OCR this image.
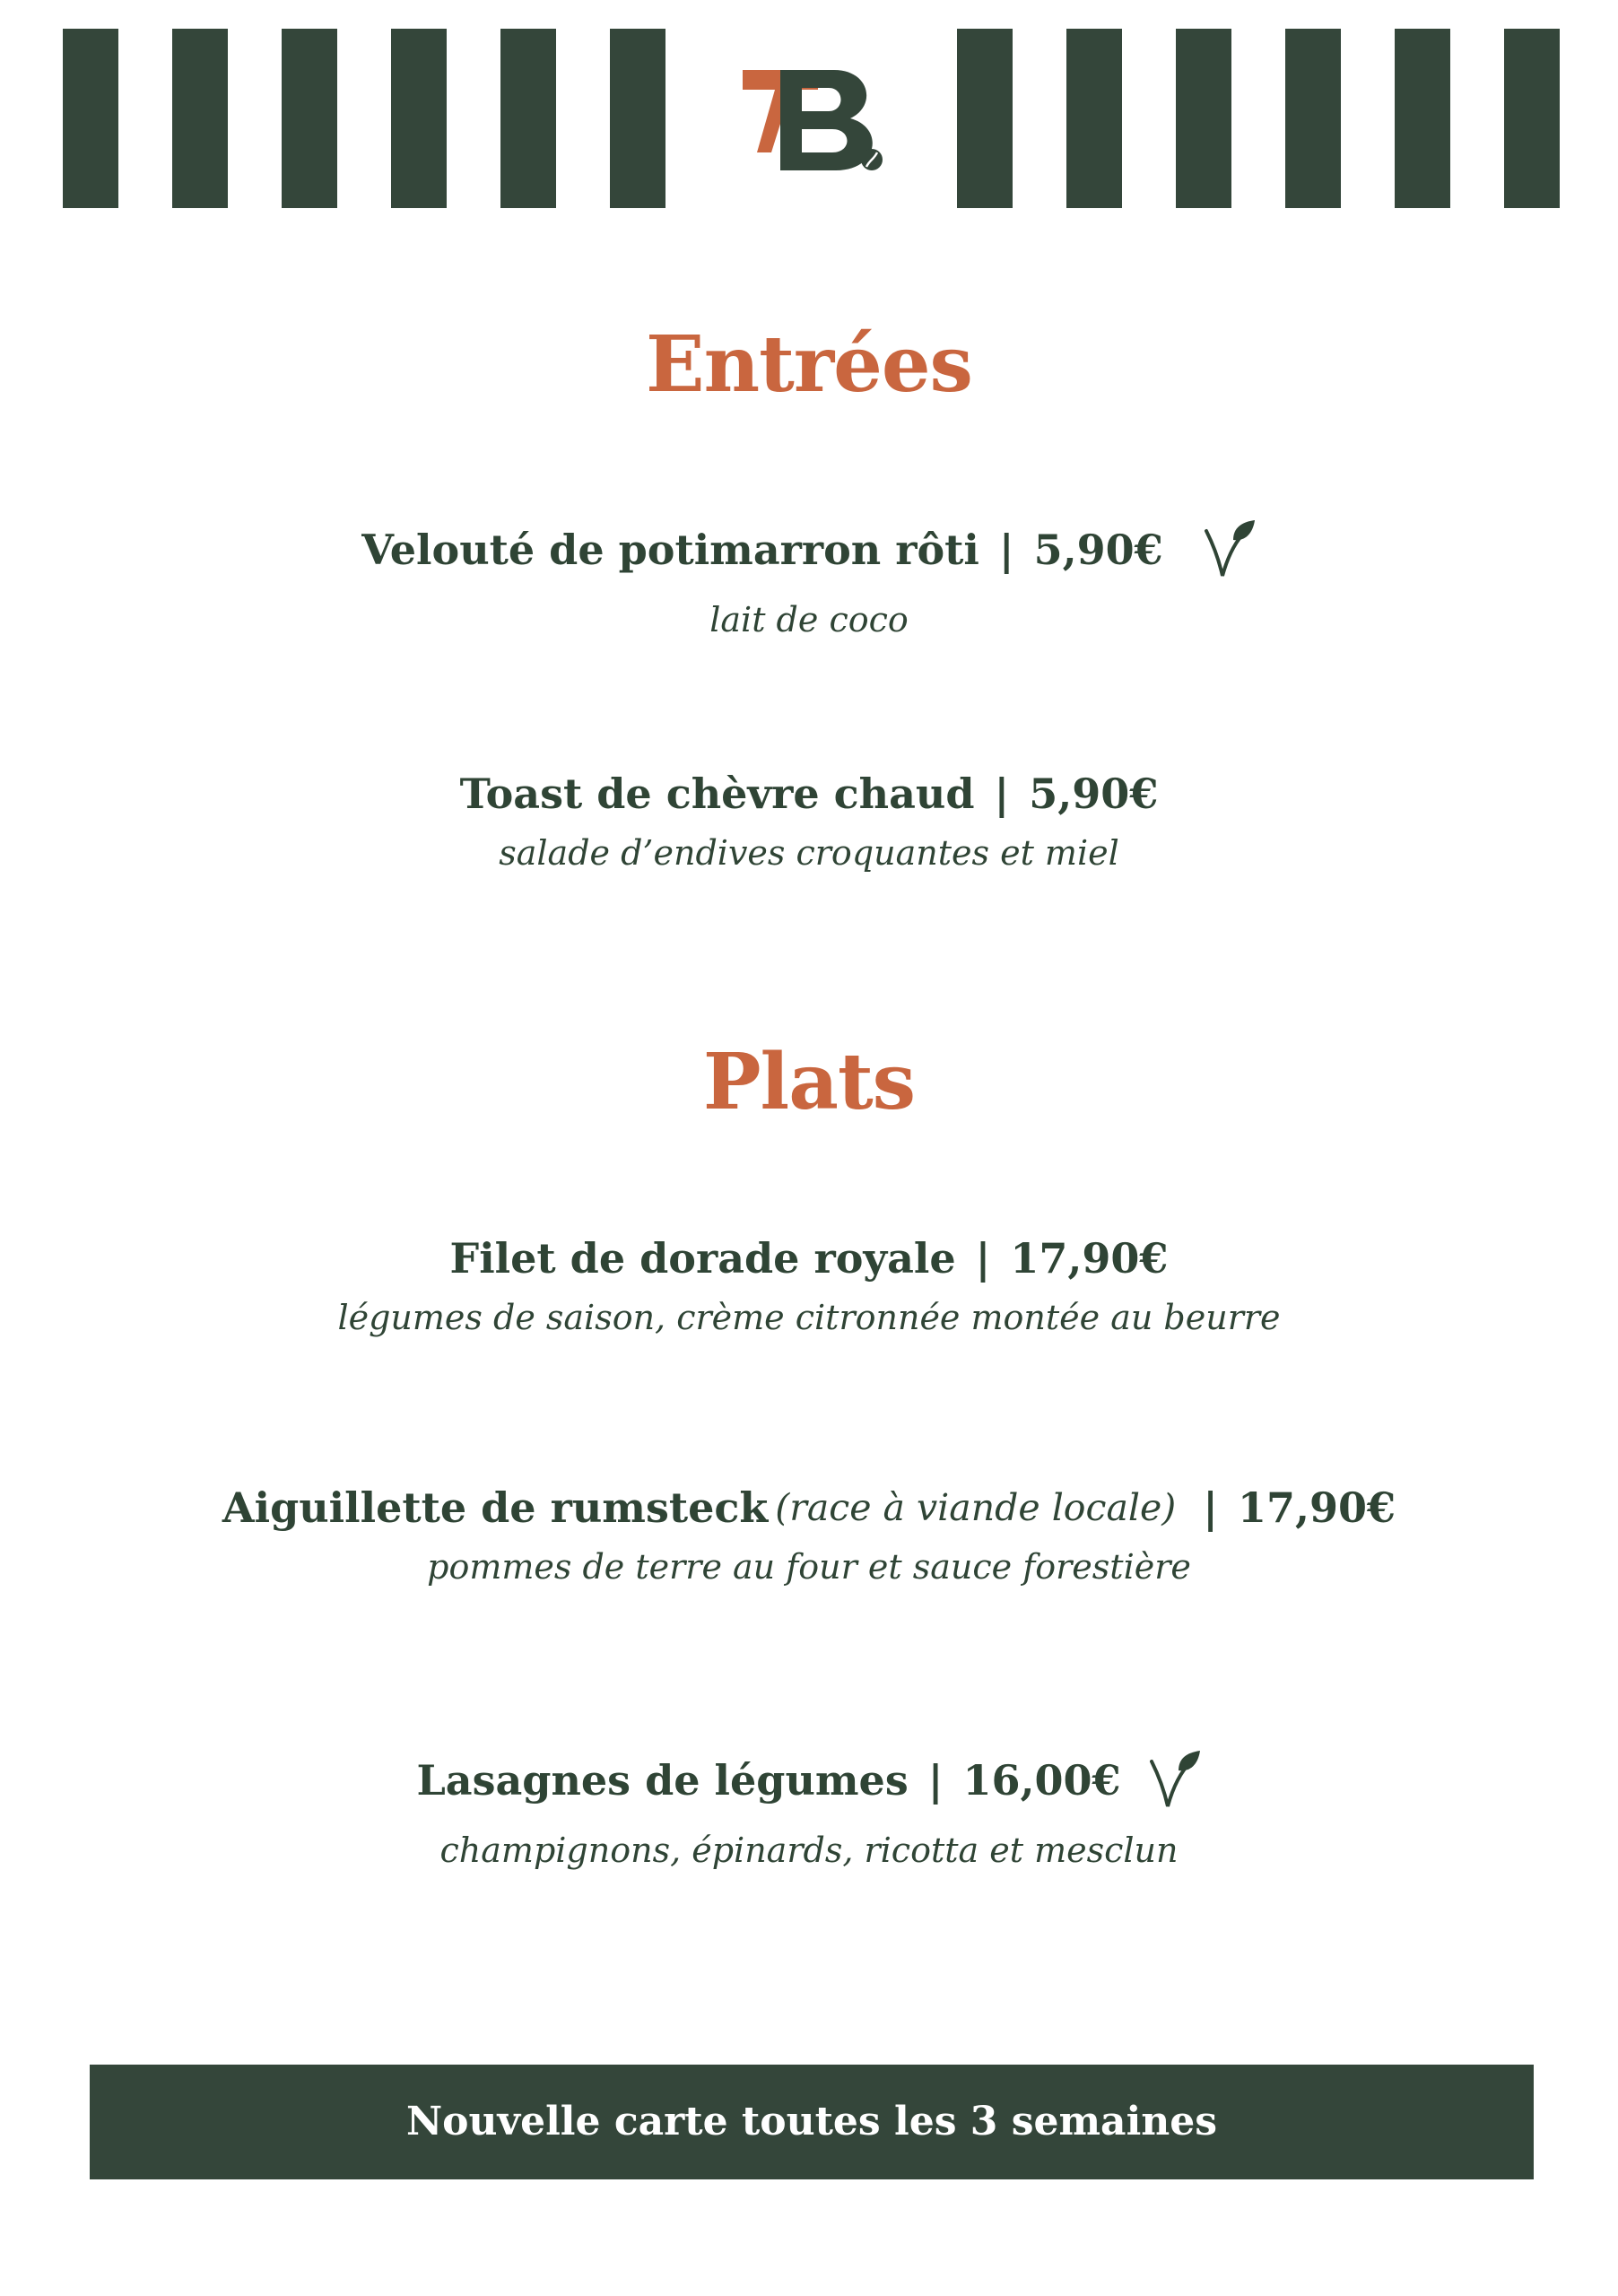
Entrées
Velouté de potimarron rôti | 5,90€
lait de coco
Toast de chèvre chaud | 5,90€
salade d’endives croquantes et miel
Plats
Filet de dorade royale | 17,90€
légumes de saison, crème citronnée montée au beurre
Aiguillette de rumsteck (race à viande locale) | 17,90€
pommes de terre au four et sauce forestière
Lasagnes de légumes | 16,00€
champignons, épinards, ricotta et mesclun
Nouvelle carte toutes les 3 semaines
